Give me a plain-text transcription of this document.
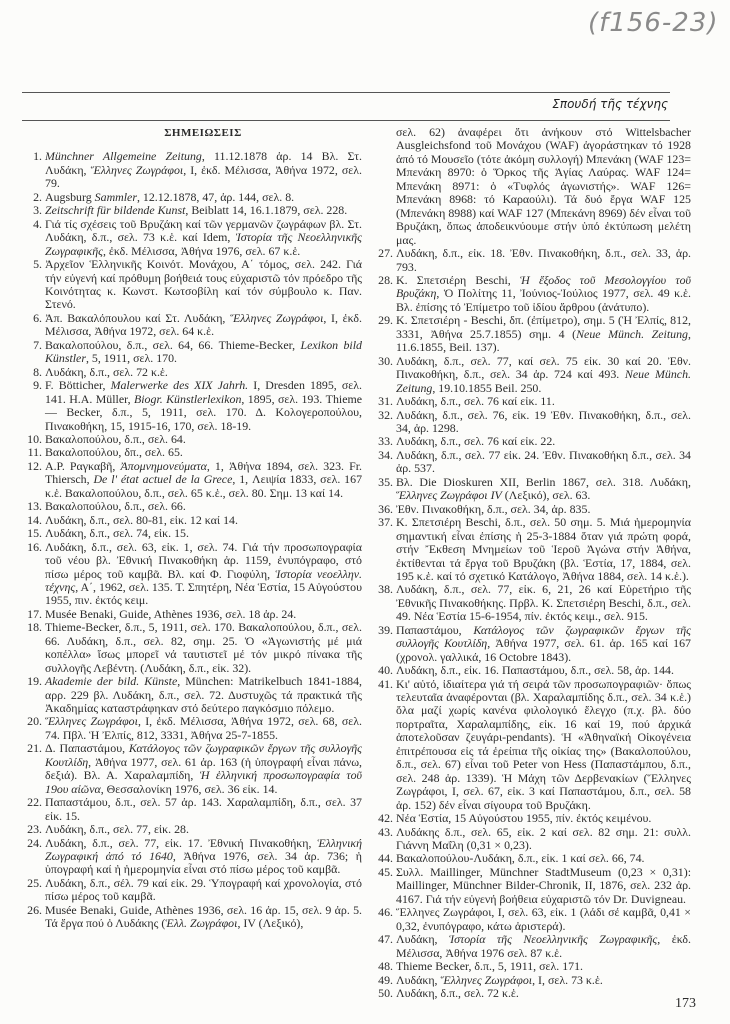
(f156-23)
Σπουδή τῆς τέχνης
ΣΗΜΕΙΩΣΕΙΣ
1. Münchner Allgemeine Zeitung, 11.12.1878 ἀρ. 14 Βλ. Στ. Λυδάκη, Ἕλληνες Ζωγράφοι, Ι, ἐκδ. Μέλισσα, Ἀθήνα 1972, σελ. 79.
2. Augsburg Sammler, 12.12.1878, 47, ἀρ. 144, σελ. 8.
3. Zeitschrift für bildende Kunst, Beiblatt 14, 16.1.1879, σελ. 228.
4. Γιά τίς σχέσεις τοῦ Βρυζάκη καί τῶν γερμανῶν ζωγράφων βλ. Στ. Λυδάκη, δ.π., σελ. 73 κ.ἑ. καί Idem, Ἱστορία τῆς Νεοελληνικῆς Ζωγραφικῆς, ἐκδ. Μέλισσα, Ἀθήνα 1976, σελ. 67 κ.ἑ.
5. Ἀρχεῖον Ἑλληνικῆς Κοινότ. Μονάχου, Α΄ τόμος, σελ. 242. Γιά τήν εὐγενή καί πρόθυμη βοήθειά τους εὐχαριστῶ τόν πρόεδρο τῆς Κοινότητας κ. Κωνστ. Κωτσοβίλη καί τόν σύμβουλο κ. Παν. Στενό.
6. Ἀπ. Βακαλόπουλου καί Στ. Λυδάκη, Ἕλληνες Ζωγράφοι, Ι, ἐκδ. Μέλισσα, Ἀθήνα 1972, σελ. 64 κ.ἑ.
7. Βακαλοπούλου, δ.π., σελ. 64, 66. Thieme-Becker, Lexikon bild Künstler, 5, 1911, σελ. 170.
8. Λυδάκη, δ.π., σελ. 72 κ.ἑ.
9. F. Bötticher, Malerwerke des XIX Jahrh. I, Dresden 1895, σελ. 141. H.A. Müller, Biogr. Künstlerlexikon, 1895, σελ. 193. Thieme — Becker, δ.π., 5, 1911, σελ. 170. Δ. Κολογεροπούλου, Πινακοθήκη, 15, 1915-16, 170, σελ. 18-19.
10. Βακαλοπούλου, δ.π., σελ. 64.
11. Βακαλοπούλου, δπ., σελ. 65.
12. A.P. Ραγκαβῆ, Ἀπομνημονεύματα, 1, Ἀθήνα 1894, σελ. 323. Fr. Thiersch, De l' état actuel de la Grece, 1, Λειψία 1833, σελ. 167 κ.ἑ. Βακαλοπούλου, δ.π., σελ. 65 κ.ἑ., σελ. 80. Σημ. 13 καί 14.
13. Βακαλοπούλου, δ.π., σελ. 66.
14. Λυδάκη, δ.π., σελ. 80-81, εἰκ. 12 καί 14.
15. Λυδάκη, δ.π., σελ. 74, εἰκ. 15.
16. Λυδάκη, δ.π., σελ. 63, εἰκ. 1, σελ. 74. Γιά τήν προσωπογραφία τοῦ νέου βλ. Ἐθνική Πινακοθήκη ἀρ. 1159, ἐνυπόγραφο, στό πίσω μέρος τοῦ καμβᾶ. Βλ. καί Φ. Γιοφύλη, Ἱστορία νεοελλην. τέχνης, Α΄, 1962, σελ. 135. Τ. Σπητέρη, Νέα Ἑστία, 15 Αὐγούστου 1955, πιν. ἐκτός κειμ.
17. Musée Benaki, Guide, Athènes 1936, σελ. 18 ἀρ. 24.
18. Thieme-Becker, δ.π., 5, 1911, σελ. 170. Βακαλοπούλου, δ.π., σελ. 66. Λυδάκη, δ.π., σελ. 82, σημ. 25. Ὁ «Ἀγωνιστής μέ μιά κοπέλλα» ἴσως μπορεῖ νά ταυτιστεῖ μέ τόν μικρό πίνακα τῆς συλλογῆς Λεβέντη. (Λυδάκη, δ.π., εἰκ. 32).
19. Akademie der bild. Künste, München: Matrikelbuch 1841-1884, αρρ. 229 βλ. Λυδάκη, δ.π., σελ. 72. Δυστυχῶς τά πρακτικά τῆς Ἀκαδημίας καταστράφηκαν στό δεύτερο παγκόσμιο πόλεμο.
20. Ἕλληνες Ζωγράφοι, Ι, ἐκδ. Μέλισσα, Ἀθήνα 1972, σελ. 68, σελ. 74. Πβλ. Ἡ Ἐλπίς, 812, 3331, Ἀθήνα 25-7-1855.
21. Δ. Παπαστάμου, Κατάλογος τῶν ζωγραφικῶν ἔργων τῆς συλλογῆς Κουτλίδη, Ἀθήνα 1977, σελ. 61 ἀρ. 163 (ἡ ὑπογραφή εἶναι πάνω, δεξιά). Βλ. Α. Χαραλαμπίδη, Ἡ ἑλληνική προσωπογραφία τοῦ 19ου αἰῶνα, Θεσσαλονίκη 1976, σελ. 36 εἰκ. 14.
22. Παπαστάμου, δ.π., σελ. 57 ἀρ. 143. Χαραλαμπίδη, δ.π., σελ. 37 εἰκ. 15.
23. Λυδάκη, δ.π., σελ. 77, εἰκ. 28.
24. Λυδάκη, δ.π., σελ. 77, εἰκ. 17. Ἐθνική Πινακοθήκη, Ἑλληνική Ζωγραφική ἀπό τό 1640, Ἀθήνα 1976, σελ. 34 ἀρ. 736; ἡ ὑπογραφή καί ἡ ἡμερομηνία εἶναι στό πίσω μέρος τοῦ καμβᾶ.
25. Λυδάκη, δ.π., σέλ. 79 καί εἰκ. 29. Ὑπογραφή καί χρονολογία, στό πίσω μέρος τοῦ καμβᾶ.
26. Musée Benaki, Guide, Athènes 1936, σελ. 16 ἀρ. 15, σελ. 9 ἀρ. 5. Τά ἔργα πού ὁ Λυδάκης (Ἑλλ. Ζωγράφοι, IV (Λεξικό),
σελ. 62) ἀναφέρει ὅτι ἀνήκουν στό Wittelsbacher Ausgleichsfond τοῦ Μονάχου (WAF) ἀγοράστηκαν τό 1928 ἀπό τό Μουσεῖο (τότε ἀκόμη συλλογή) Μπενάκη (WAF 123= Μπενάκη 8970: ὁ Ὅρκος τῆς Ἁγίας Λαύρας. WAF 124= Μπενάκη 8971: ὁ «Τυφλός ἀγωνιστής». WAF 126= Μπενάκη 8968: τό Καραούλι). Τά δυό ἔργα WAF 125 (Μπενάκη 8988) καί WAF 127 (Μπεκάνη 8969) δέν εἶναι τοῦ Βρυζάκη, ὅπως ἀποδεικνύουμε στήν ὑπό ἐκτύπωση μελέτη μας.
27. Λυδάκη, δ.π., εἰκ. 18. Ἐθν. Πινακοθήκη, δ.π., σελ. 33, ἀρ. 793.
28. Κ. Σπετσιέρη Beschi, Ἡ ἔξοδος τοῦ Μεσολογγίου τοῦ Βρυζάκη, Ὁ Πολίτης 11, Ἰούνιος-Ἰούλιος 1977, σελ. 49 κ.ἑ. Βλ. ἐπίσης τό Ἐπίμετρο τοῦ ἰδίου ἄρθρου (ἀνάτυπο).
29. Κ. Σπετσιέρη - Beschi, δπ. (ἐπίμετρο), σημ. 5 (Ἡ Ἐλπίς, 812, 3331, Ἀθήνα 25.7.1855) σημ. 4 (Neue Münch. Zeitung, 11.6.1855, Beil. 137).
30. Λυδάκη, δ.π., σελ. 77, καί σελ. 75 εἰκ. 30 καί 20. Ἐθν. Πινακοθήκη, δ.π., σελ. 34 ἀρ. 724 καί 493. Neue Münch. Zeitung, 19.10.1855 Beil. 250.
31. Λυδάκη, δ.π., σελ. 76 καί εἰκ. 11.
32. Λυδάκη, δ.π., σελ. 76, εἰκ. 19 Ἐθν. Πινακοθήκη, δ.π., σελ. 34, ἀρ. 1298.
33. Λυδάκη, δ.π., σελ. 76 καί εἰκ. 22.
34. Λυδάκη, δ.π., σελ. 77 εἰκ. 24. Ἐθν. Πινακοθήκη δ.π., σελ. 34 ἀρ. 537.
35. Βλ. Die Dioskuren XII, Berlin 1867, σελ. 318. Λυδάκη, Ἕλληνες Ζωγράφοι IV (Λεξικό), σελ. 63.
36. Ἐθν. Πινακοθήκη, δ.π., σελ. 34, ἀρ. 835.
37. Κ. Σπετσιέρη Beschi, δ.π., σελ. 50 σημ. 5. Μιά ἡμερομηνία σημαντική εἶναι ἐπίσης ἡ 25-3-1884 ὅταν γιά πρώτη φορά, στήν Ἔκθεση Μνημείων τοῦ Ἱεροῦ Ἀγώνα στήν Ἀθήνα, ἐκτίθενται τά ἔργα τοῦ Βρυζάκη (βλ. Ἑστία, 17, 1884, σελ. 195 κ.ἑ. καί τό σχετικό Κατάλογο, Ἀθήνα 1884, σελ. 14 κ.ἑ.).
38. Λυδάκη, δ.π., σελ. 77, εἰκ. 6, 21, 26 καί Εὑρετήριο τῆς Ἐθνικῆς Πινακοθήκης. Πρβλ. Κ. Σπετσιέρη Beschi, δ.π., σελ. 49. Νέα Ἑστία 15-6-1954, πίν. ἐκτός κειμ., σελ. 915.
39. Παπαστάμου, Κατάλογος τῶν ζωγραφικῶν ἔργων τῆς συλλογῆς Κουτλίδη, Ἀθήνα 1977, σελ. 61. ἀρ. 165 καί 167 (χρονολ. γαλλικά, 16 Octobre 1843).
40. Λυδάκη, δ.π., εἰκ. 16. Παπαστάμου, δ.π., σελ. 58, ἀρ. 144.
41. Κι' αὐτό, ἰδιαίτερα γιά τή σειρά τῶν προσωπογραφιῶν· ὅπως τελευταῖα ἀναφέρονται (βλ. Χαραλαμπίδης δ.π., σελ. 34 κ.ἑ.) ὅλα μαζί χωρίς κανένα φιλολογικό ἔλεγχο (π.χ. βλ. δύο πορτραῖτα, Χαραλαμπίδης, εἰκ. 16 καί 19, πού ἀρχικά ἀποτελοῦσαν ζευγάρι-pendants). Ἡ «Ἀθηναϊκή Οἰκογένεια ἐπιτρέπουσα εἰς τά ἐρείπια τῆς οἰκίας της» (Βακαλοπούλου, δ.π., σελ. 67) εἶναι τοῦ Peter von Hess (Παπαστάμπου, δ.π., σελ. 248 ἀρ. 1339). Ἡ Μάχη τῶν Δερβενακίων (Ἕλληνες Ζωγράφοι, Ι, σελ. 67, εἰκ. 3 καί Παπαστάμου, δ.π., σελ. 58 ἀρ. 152) δέν εἶναι σίγουρα τοῦ Βρυζάκη.
42. Νέα Ἑστία, 15 Αὐγούστου 1955, πίν. ἐκτός κειμένου.
43. Λυδάκης δ.π., σελ. 65, εἰκ. 2 καί σελ. 82 σημ. 21: συλλ. Γιάννη Μαΐλη (0,31 × 0,23).
44. Βακαλοπούλου-Λυδάκη, δ.π., εἰκ. 1 καί σελ. 66, 74.
45. Συλλ. Maillinger, Münchner StadtMuseum (0,23 × 0,31): Maillinger, Münchner Bilder-Chronik, II, 1876, σελ. 232 ἀρ. 4167. Γιά τήν εὐγενή βοήθεια εὐχαριστῶ τόν Dr. Duvigneau.
46. Ἕλληνες Ζωγράφοι, Ι, σελ. 63, εἰκ. 1 (λάδι σέ καμβᾶ, 0,41 × 0,32, ἐνυπόγραφο, κάτω ἀριστερά).
47. Λυδάκη, Ἱστορία τῆς Νεοελληνικῆς Ζωγραφικῆς, ἐκδ. Μέλισσα, Ἀθήνα 1976 σελ. 87 κ.ἑ.
48. Thieme Becker, δ.π., 5, 1911, σελ. 171.
49. Λυδάκη, Ἕλληνες Ζωγράφοι, Ι, σελ. 73 κ.ἑ.
50. Λυδάκη, δ.π., σελ. 72 κ.ἑ.
173
